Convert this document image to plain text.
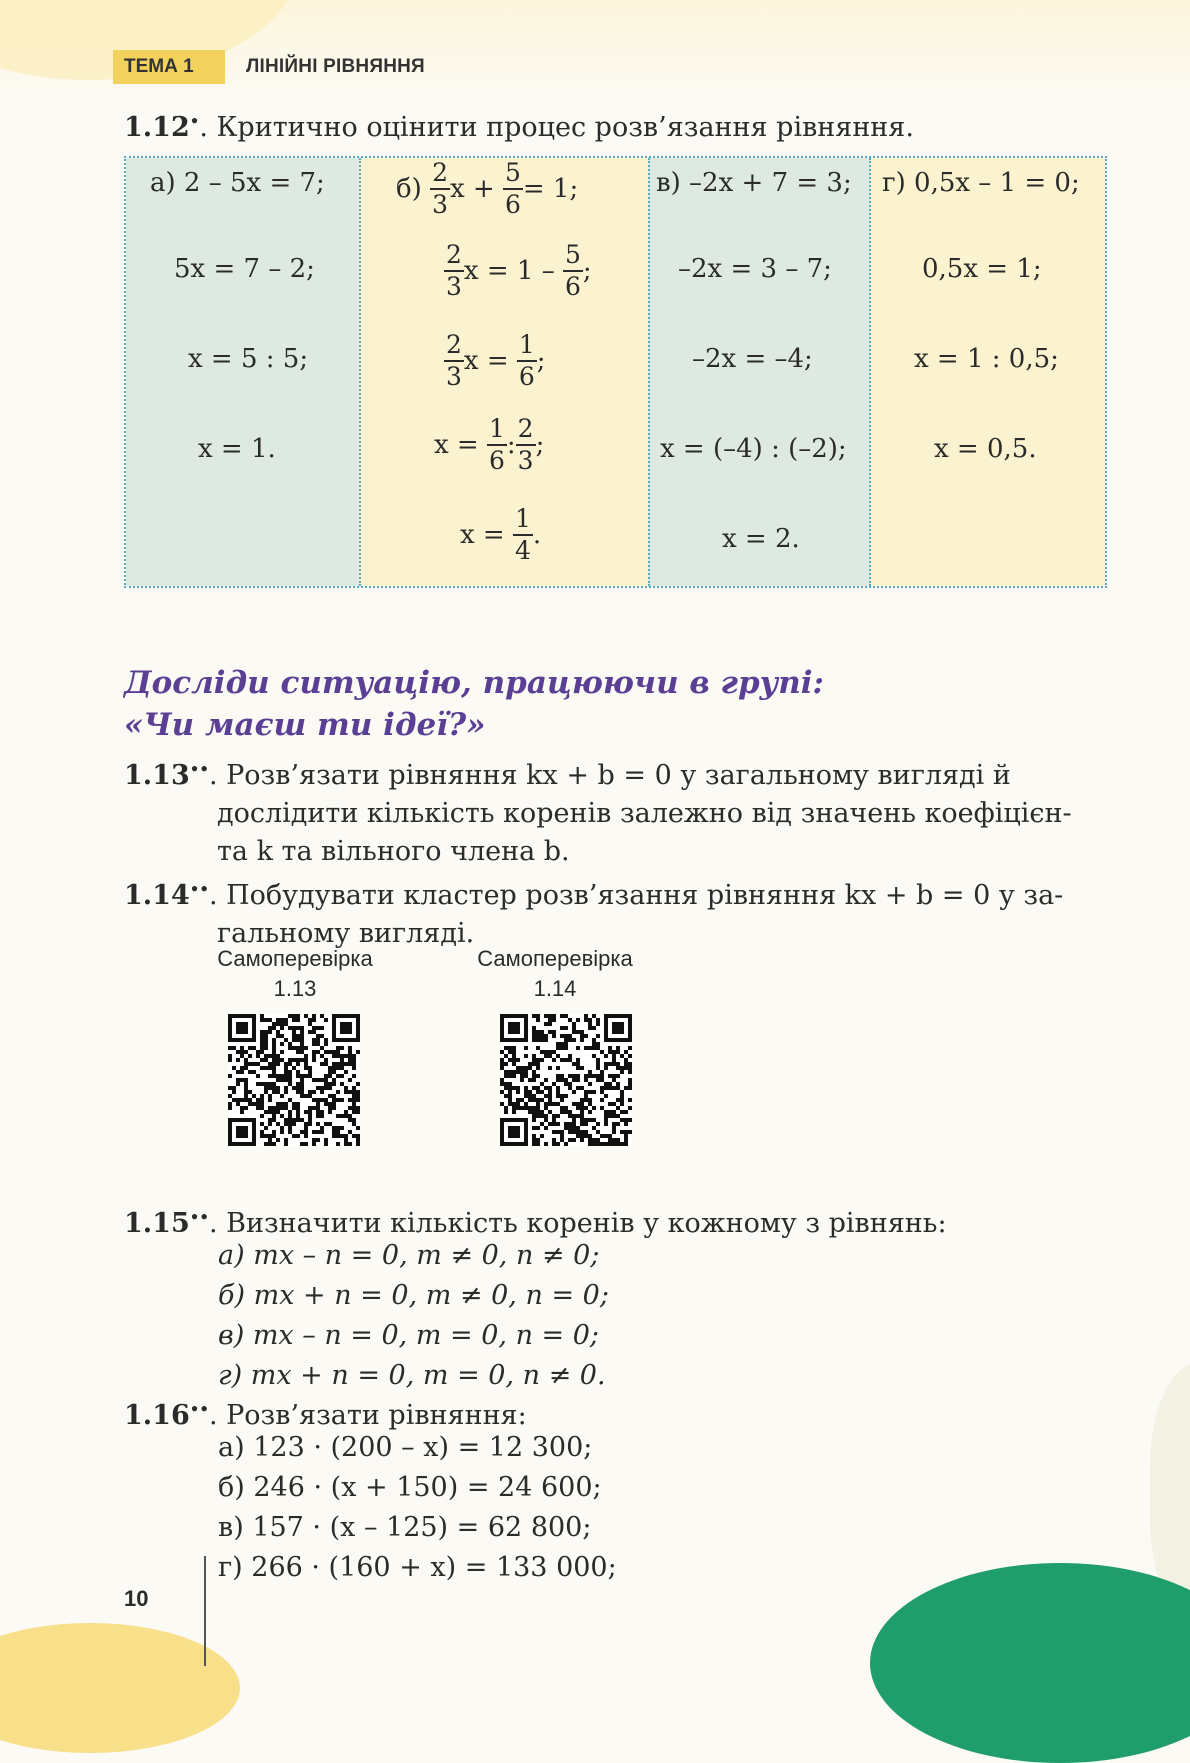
ТЕМА 1	ЛІНІЙНІ РІВНЯННЯ
1.12•. Критично оцінити процес розв’язання рівняння.
а) 2 – 5x = 7;
5x = 7 – 2;
x = 5 : 5;
x = 1.
$б) \frac{2}{3}$ $x + \frac{5}{6} = 1$;
$\frac{2}{3}$ $x = 1 - \frac{5}{6}$ ;
$\frac{2}{3}$ $x = \frac{1}{6}$ ;
$x = \frac{1}{6}$ : $\frac{2}{3}$ ;
$x = \frac{1}{4}$ .
в) –2x + 7 = 3;
–2x = 3 – 7;
–2x = –4;
x = (–4) : (–2);
x = 2.
г) 0,5x – 1 = 0;
0,5x = 1;
x = 1 : 0,5;
x = 0,5.
Досліди ситуацію, працюючи в групі:
«Чи маєш ти ідеї?»
1.13••. Розв’язати рівняння kx + b = 0 у загальному вигляді й
дослідити кількість коренів залежно від значень коефіцієн-
та k та вільного члена b.
1.14••. Побудувати кластер розв’язання рівняння kx + b = 0 у за-
гальному вигляді.
Самоперевірка
1.13
Самоперевірка
1.14
1.15••. Визначити кількість коренів у кожному з рівнянь:
а) mx – n = 0, m ≠ 0, n ≠ 0;
б) mx + n = 0, m ≠ 0, n = 0;
в) mx – n = 0, m = 0, n = 0;
г) mx + n = 0, m = 0, n ≠ 0.
1.16••. Розв’язати рівняння:
а) 123 · (200 – x) = 12 300;
б) 246 · (x + 150) = 24 600;
в) 157 · (x – 125) = 62 800;
г) 266 · (160 + x) = 133 000;
10
